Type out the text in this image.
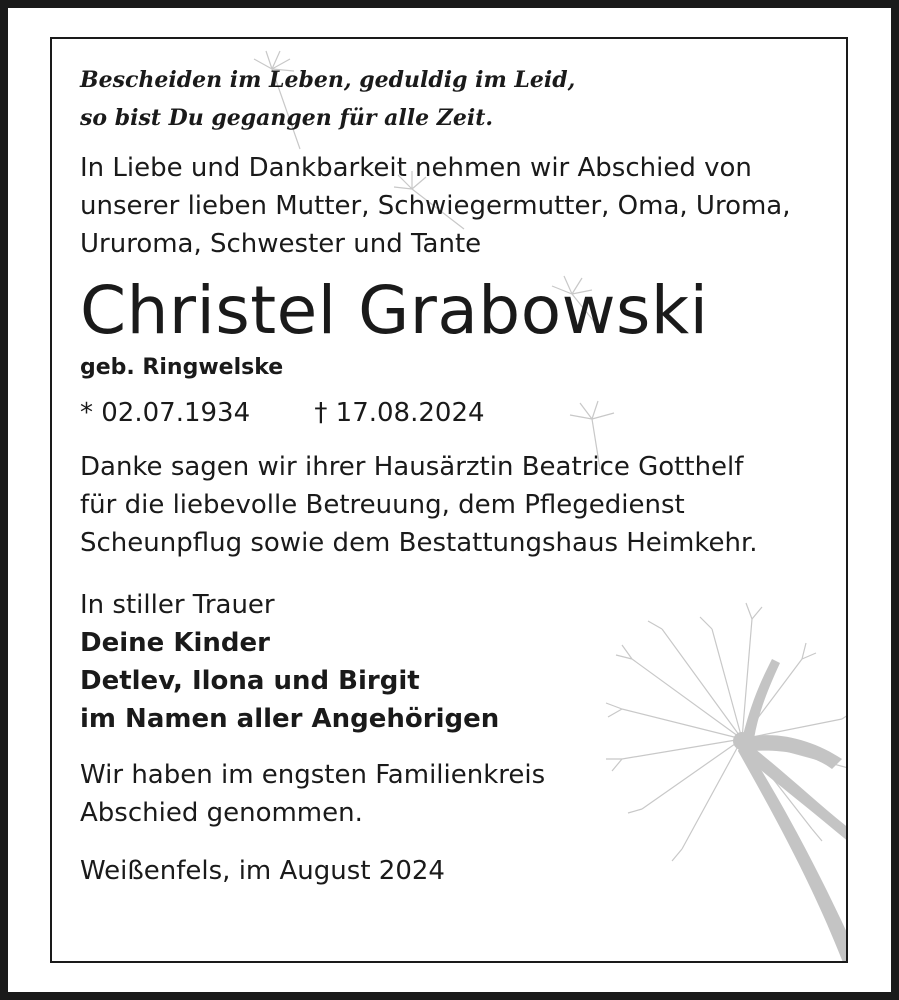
Bescheiden im Leben, geduldig im Leid,
so bist Du gegangen für alle Zeit.

In Liebe und Dankbarkeit nehmen wir Abschied von
unserer lieben Mutter, Schwiegermutter, Oma, Uroma,
Ururoma, Schwester und Tante
Christel Grabowski
geb. Ringwelske
* 02.07.1934 † 17.08.2024
Danke sagen wir ihrer Hausärztin Beatrice Gotthelf
für die liebevolle Betreuung, dem Pflegedienst
Scheunpflug sowie dem Bestattungshaus Heimkehr.
In stiller Trauer
Deine Kinder
Detlev, Ilona und Birgit
im Namen aller Angehörigen
Wir haben im engsten Familienkreis
Abschied genommen.
Weißenfels, im August 2024
